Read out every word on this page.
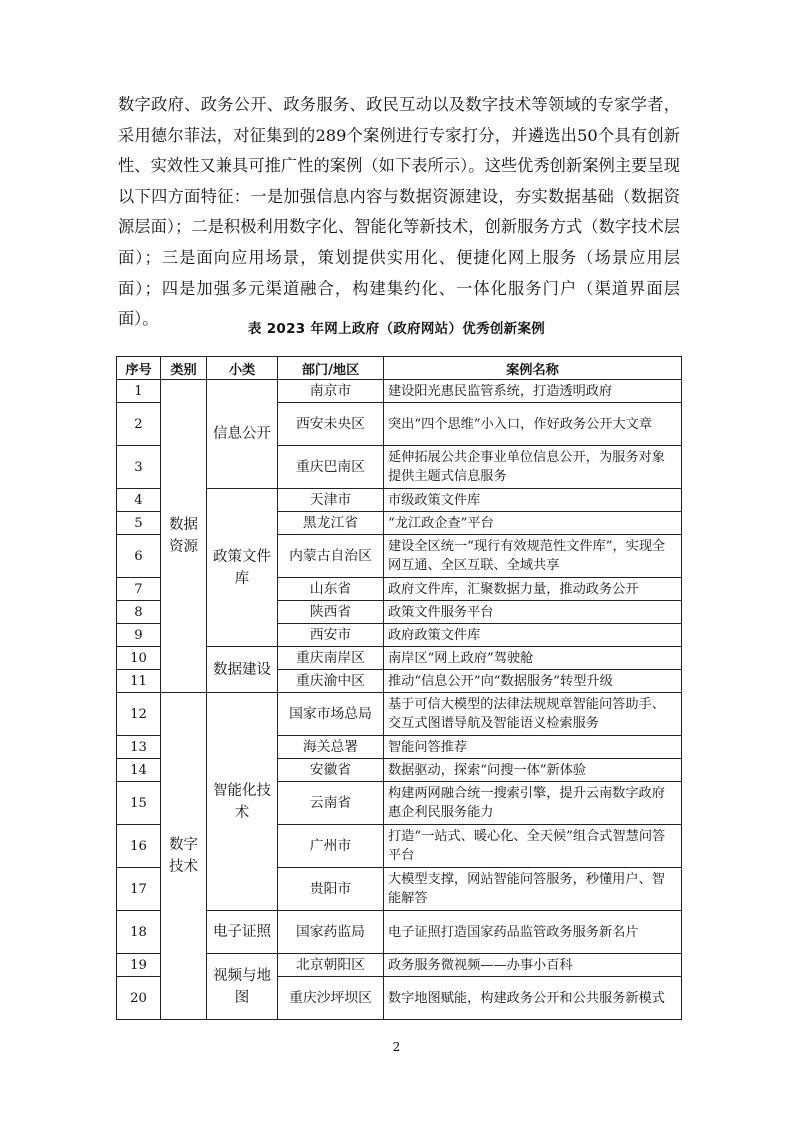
数字政府、政务公开、政务服务、政民互动以及数字技术等领域的专家学者，采用德尔菲法，对征集到的289个案例进行专家打分，并遴选出50个具有创新性、实效性又兼具可推广性的案例（如下表所示）。这些优秀创新案例主要呈现以下四方面特征：一是加强信息内容与数据资源建设，夯实数据基础（数据资源层面）；二是积极利用数字化、智能化等新技术，创新服务方式（数字技术层面）；三是面向应用场景，策划提供实用化、便捷化网上服务（场景应用层面）；四是加强多元渠道融合，构建集约化、一体化服务门户（渠道界面层面）。

表 2023 年网上政府（政府网站）优秀创新案例
序号	类别	小类	部门/地区	案例名称
1	数据资源	信息公开	南京市	建设阳光惠民监管系统，打造透明政府
2			西安未央区	突出“四个思维”小入口，作好政务公开大文章
3			重庆巴南区	延伸拓展公共企事业单位信息公开，为服务对象提供主题式信息服务
4		政策文件库	天津市	市级政策文件库
5			黑龙江省	“龙江政企查”平台
6			内蒙古自治区	建设全区统一“现行有效规范性文件库”，实现全网互通、全区互联、全域共享
7			山东省	政府文件库，汇聚数据力量，推动政务公开
8			陕西省	政策文件服务平台
9			西安市	政府政策文件库
10		数据建设	重庆南岸区	南岸区“网上政府”驾驶舱
11			重庆渝中区	推动“信息公开”向“数据服务”转型升级
12	数字技术	智能化技术	国家市场总局	基于可信大模型的法律法规规章智能问答助手、交互式图谱导航及智能语义检索服务
13			海关总署	智能问答推荐
14			安徽省	数据驱动，探索“问搜一体”新体验
15			云南省	构建两网融合统一搜索引擎，提升云南数字政府惠企利民服务能力
16			广州市	打造“一站式、暖心化、全天候”组合式智慧问答平台
17			贵阳市	大模型支撑，网站智能问答服务，秒懂用户、智能解答
18		电子证照	国家药监局	电子证照打造国家药品监管政务服务新名片
19		视频与地图	北京朝阳区	政务服务微视频——办事小百科
20			重庆沙坪坝区	数字地图赋能，构建政务公开和公共服务新模式
2
